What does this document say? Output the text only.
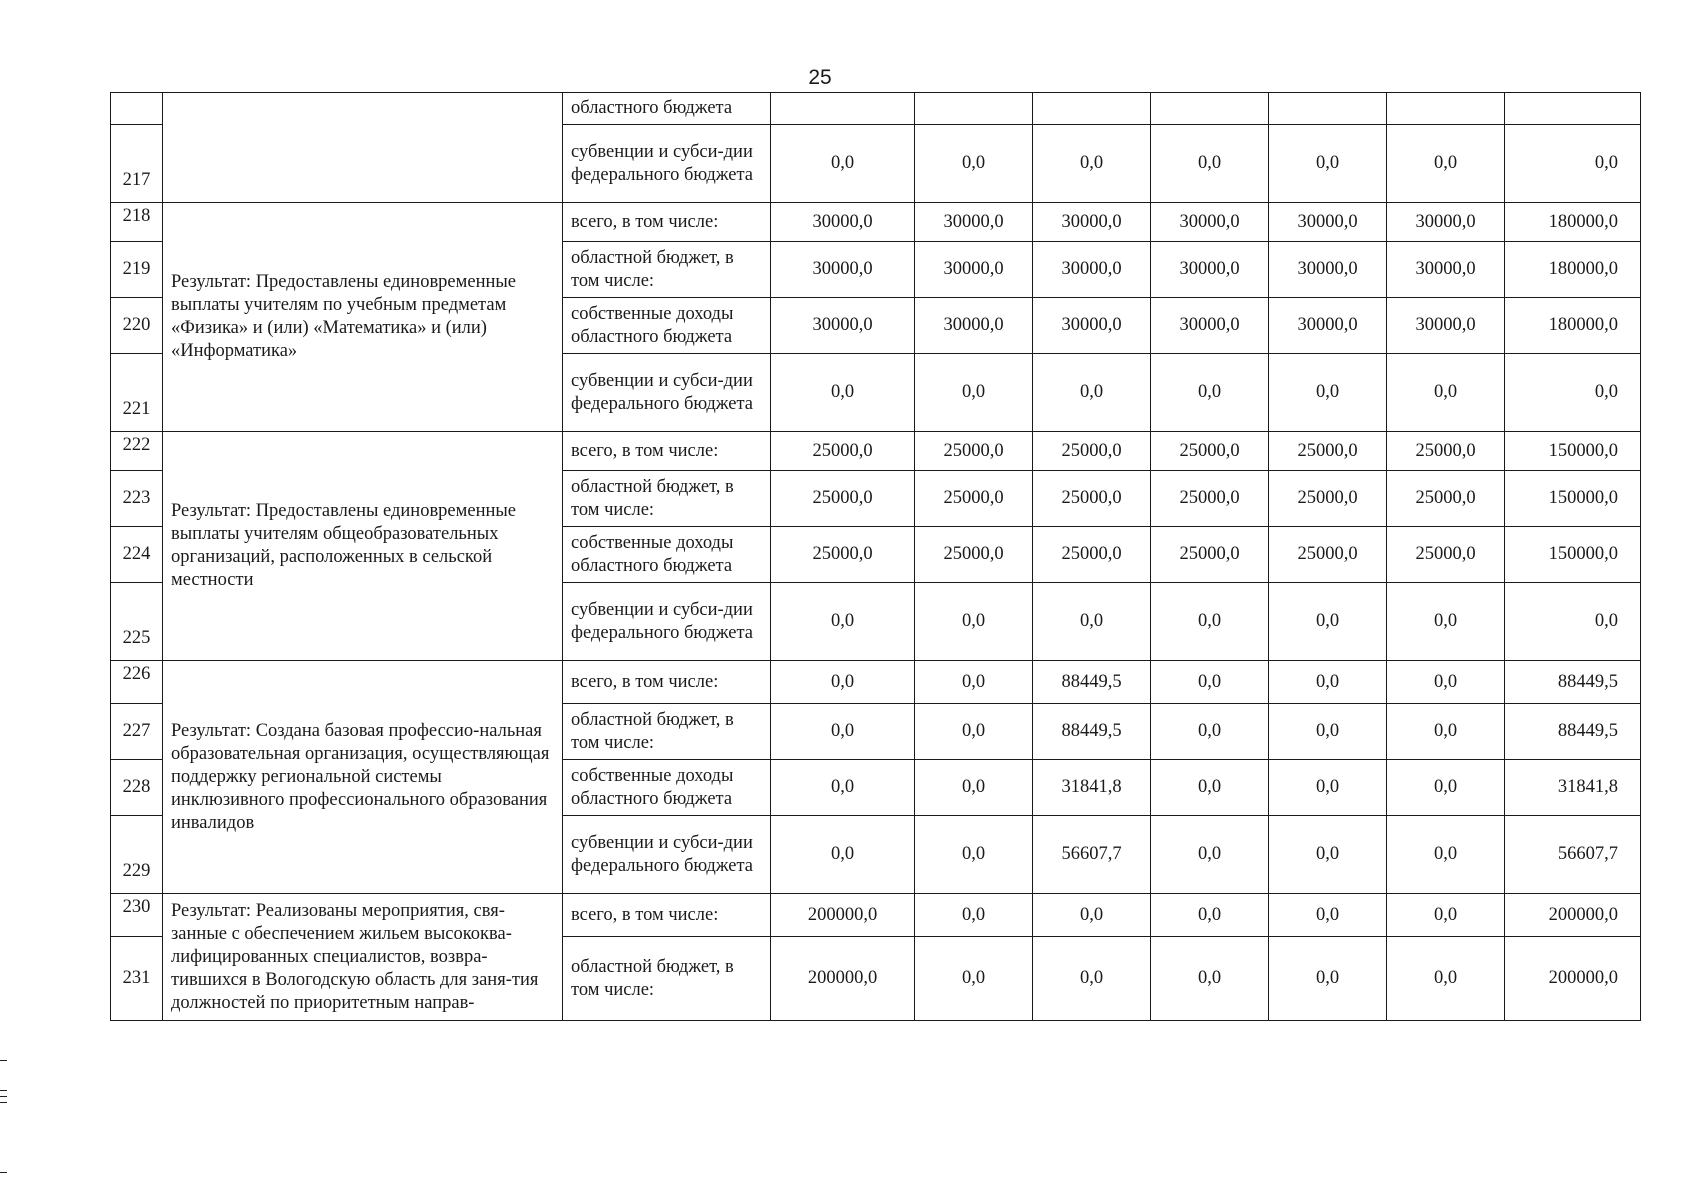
25
		областного бюджета							
217		субвенции и субси-дии федерального бюджета	0,0	0,0	0,0	0,0	0,0	0,0	0,0
218	Результат: Предоставлены единовременные выплаты учителям по учебным предметам «Физика» и (или) «Математика» и (или) «Информатика»	всего, в том числе:	30000,0	30000,0	30000,0	30000,0	30000,0	30000,0	180000,0
219		областной бюджет, в том числе:	30000,0	30000,0	30000,0	30000,0	30000,0	30000,0	180000,0
220		собственные доходы областного бюджета	30000,0	30000,0	30000,0	30000,0	30000,0	30000,0	180000,0
221		субвенции и субси-дии федерального бюджета	0,0	0,0	0,0	0,0	0,0	0,0	0,0
222	Результат: Предоставлены единовременные выплаты учителям общеобразовательных организаций, расположенных в сельской местности	всего, в том числе:	25000,0	25000,0	25000,0	25000,0	25000,0	25000,0	150000,0
223		областной бюджет, в том числе:	25000,0	25000,0	25000,0	25000,0	25000,0	25000,0	150000,0
224		собственные доходы областного бюджета	25000,0	25000,0	25000,0	25000,0	25000,0	25000,0	150000,0
225		субвенции и субси-дии федерального бюджета	0,0	0,0	0,0	0,0	0,0	0,0	0,0
226	Результат: Создана базовая профессио-нальная образовательная организация, осуществляющая поддержку региональной системы инклюзивного профессионального образования инвалидов	всего, в том числе:	0,0	0,0	88449,5	0,0	0,0	0,0	88449,5
227		областной бюджет, в том числе:	0,0	0,0	88449,5	0,0	0,0	0,0	88449,5
228		собственные доходы областного бюджета	0,0	0,0	31841,8	0,0	0,0	0,0	31841,8
229		субвенции и субси-дии федерального бюджета	0,0	0,0	56607,7	0,0	0,0	0,0	56607,7
230	Результат: Реализованы мероприятия, свя-занные с обеспечением жильем высококва-лифицированных специалистов, возвра-тившихся в Вологодскую область для заня-тия должностей по приоритетным направ-	всего, в том числе:	200000,0	0,0	0,0	0,0	0,0	0,0	200000,0
231		областной бюджет, в том числе:	200000,0	0,0	0,0	0,0	0,0	0,0	200000,0
